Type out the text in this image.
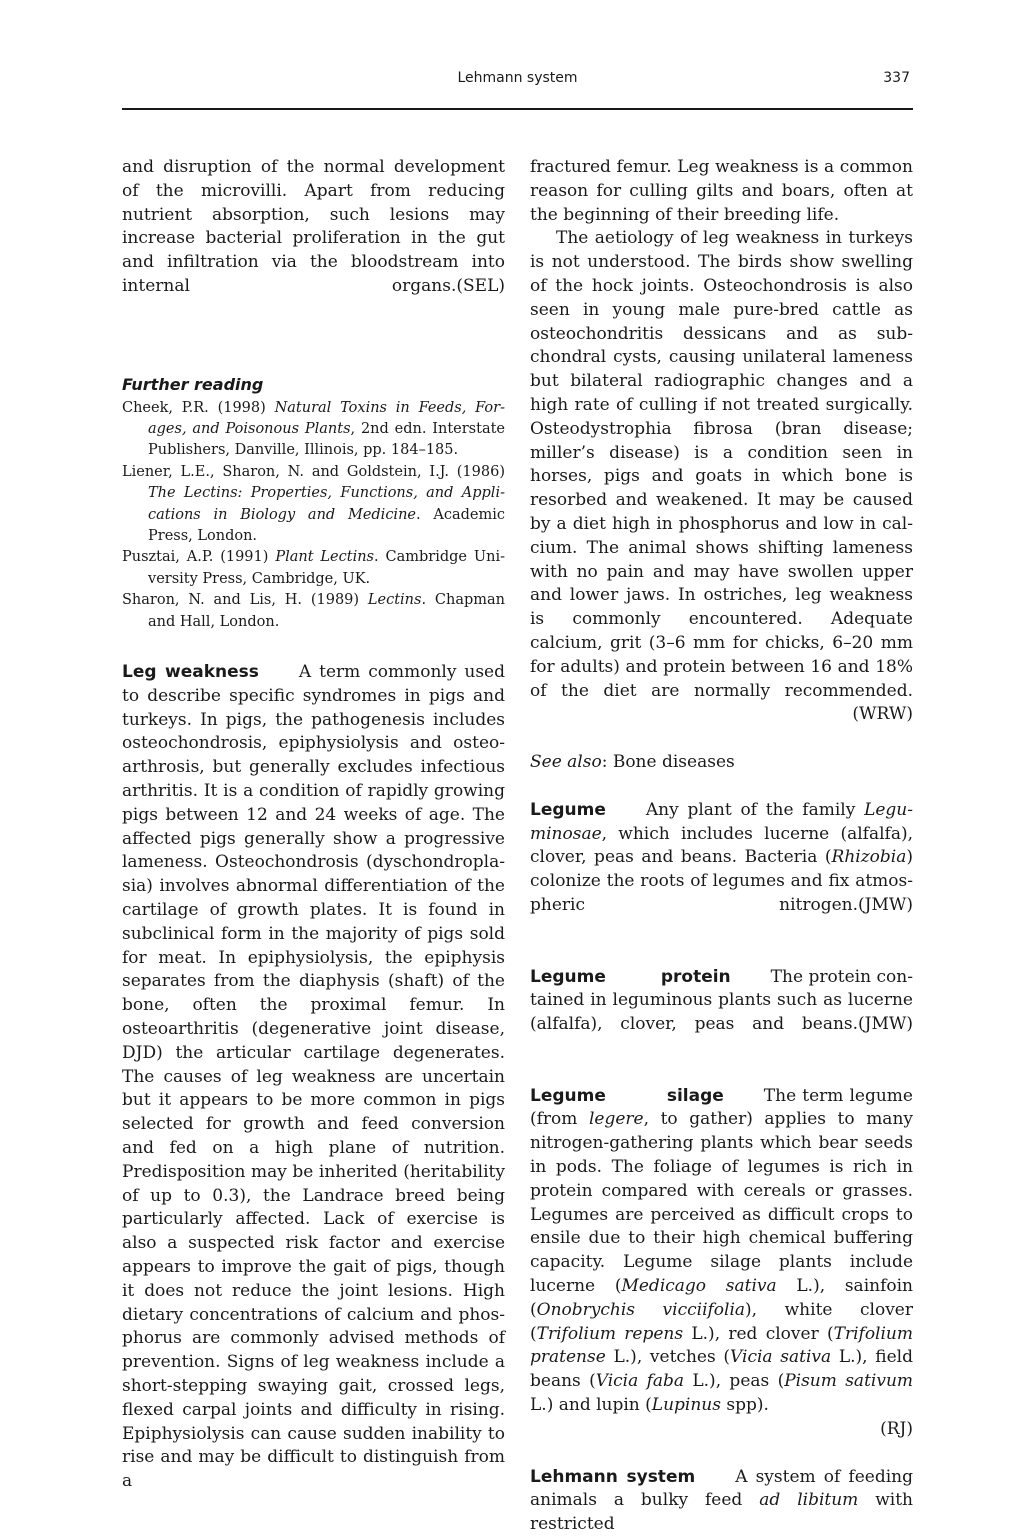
Lehmann system	337

and disruption of the normal development of the microvilli. Apart from reducing nutrient absorption, such lesions may increase bacterial proliferation in the gut and infiltration via the bloodstream into internal organs. (SEL)

Further reading

Cheek, P.R. (1998) Natural Toxins in Feeds, Forages, and Poisonous Plants, 2nd edn. Interstate Publishers, Danville, Illinois, pp. 184–185.

Liener, L.E., Sharon, N. and Goldstein, I.J. (1986) The Lectins: Properties, Functions, and Applications in Biology and Medicine. Academic Press, London.

Pusztai, A.P. (1991) Plant Lectins. Cambridge University Press, Cambridge, UK.

Sharon, N. and Lis, H. (1989) Lectins. Chapman and Hall, London.

Leg weakness A term commonly used to describe specific syndromes in pigs and turkeys. In pigs, the pathogenesis includes osteochondrosis, epiphysiolysis and osteoarthrosis, but generally excludes infectious arthritis. It is a condition of rapidly growing pigs between 12 and 24 weeks of age. The affected pigs generally show a progressive lameness. Osteochondrosis (dyschondroplasia) involves abnormal differentiation of the cartilage of growth plates. It is found in subclinical form in the majority of pigs sold for meat. In epiphysiolysis, the epiphysis separates from the diaphysis (shaft) of the bone, often the proximal femur. In osteoarthritis (degenerative joint disease, DJD) the articular cartilage degenerates. The causes of leg weakness are uncertain but it appears to be more common in pigs selected for growth and feed conversion and fed on a high plane of nutrition. Predisposition may be inherited (heritability of up to 0.3), the Landrace breed being particularly affected. Lack of exercise is also a suspected risk factor and exercise appears to improve the gait of pigs, though it does not reduce the joint lesions. High dietary concentrations of calcium and phosphorus are commonly advised methods of prevention. Signs of leg weakness include a short-stepping swaying gait, crossed legs, flexed carpal joints and difficulty in rising. Epiphysiolysis can cause sudden inability to rise and may be difficult to distinguish from a

fractured femur. Leg weakness is a common reason for culling gilts and boars, often at the beginning of their breeding life.

The aetiology of leg weakness in turkeys is not understood. The birds show swelling of the hock joints. Osteochondrosis is also seen in young male pure-bred cattle as osteochondritis dessicans and as sub-chondral cysts, causing unilateral lameness but bilateral radiographic changes and a high rate of culling if not treated surgically. Osteodystrophia fibrosa (bran disease; miller’s disease) is a condition seen in horses, pigs and goats in which bone is resorbed and weakened. It may be caused by a diet high in phosphorus and low in calcium. The animal shows shifting lameness with no pain and may have swollen upper and lower jaws. In ostriches, leg weakness is commonly encountered. Adequate calcium, grit (3–6 mm for chicks, 6–20 mm for adults) and protein between 16 and 18% of the diet are normally recommended.
(WRW)

See also: Bone diseases

Legume Any plant of the family Leguminosae, which includes lucerne (alfalfa), clover, peas and beans. Bacteria (Rhizobia) colonize the roots of legumes and fix atmospheric nitrogen. (JMW)

Legume	protein The protein contained in leguminous plants such as lucerne (alfalfa), clover, peas and beans. (JMW)

Legume	silage The term legume (from legere, to gather) applies to many nitrogen-gathering plants which bear seeds in pods. The foliage of legumes is rich in protein compared with cereals or grasses. Legumes are perceived as difficult crops to ensile due to their high chemical buffering capacity. Legume silage plants include lucerne (Medicago sativa L.), sainfoin (Onobrychis vicciifolia), white clover (Trifolium repens L.), red clover (Trifolium pratense L.), vetches (Vicia sativa L.), field beans (Vicia faba L.), peas (Pisum sativum L.) and lupin (Lupinus spp).

(RJ)

Lehmann system A system of feeding animals a bulky feed ad libitum with restricted
